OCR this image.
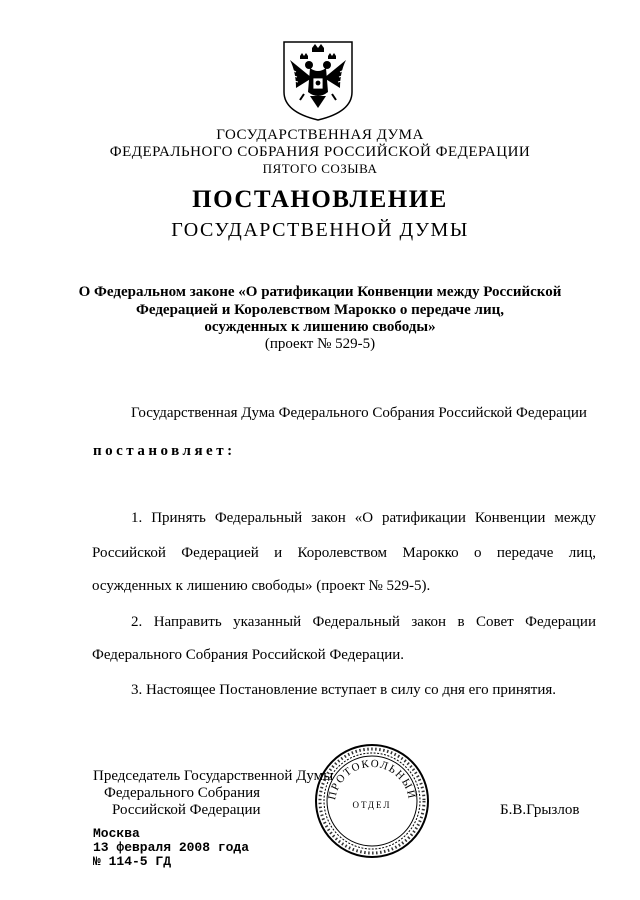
ГОСУДАРСТВЕННАЯ ДУМА
ФЕДЕРАЛЬНОГО СОБРАНИЯ РОССИЙСКОЙ ФЕДЕРАЦИИ
ПЯТОГО СОЗЫВА
ПОСТАНОВЛЕНИЕ
ГОСУДАРСТВЕННОЙ ДУМЫ
О Федеральном законе «О ратификации Конвенции между Российской
Федерацией и Королевством Марокко о передаче лиц,
осужденных к лишению свободы»
(проект № 529-5)
Государственная Дума Федерального Собрания Российской Федерации
постановляет:
1. Принять Федеральный закон «О ратификации Конвенции между
Российской Федерацией и Королевством Марокко о передаче лиц,
осужденных к лишению свободы» (проект № 529-5).
2. Направить указанный Федеральный закон в Совет Федерации
Федерального Собрания Российской Федерации.
3. Настоящее Постановление вступает в силу со дня его принятия.
Председатель Государственной Думы
Федерального Собрания
Российской Федерации	Б.В.Грызлов
ПРОТОКОЛЬНЫЙ
ОТДЕЛ
Москва
13 февраля 2008 года
№ 114-5 ГД
